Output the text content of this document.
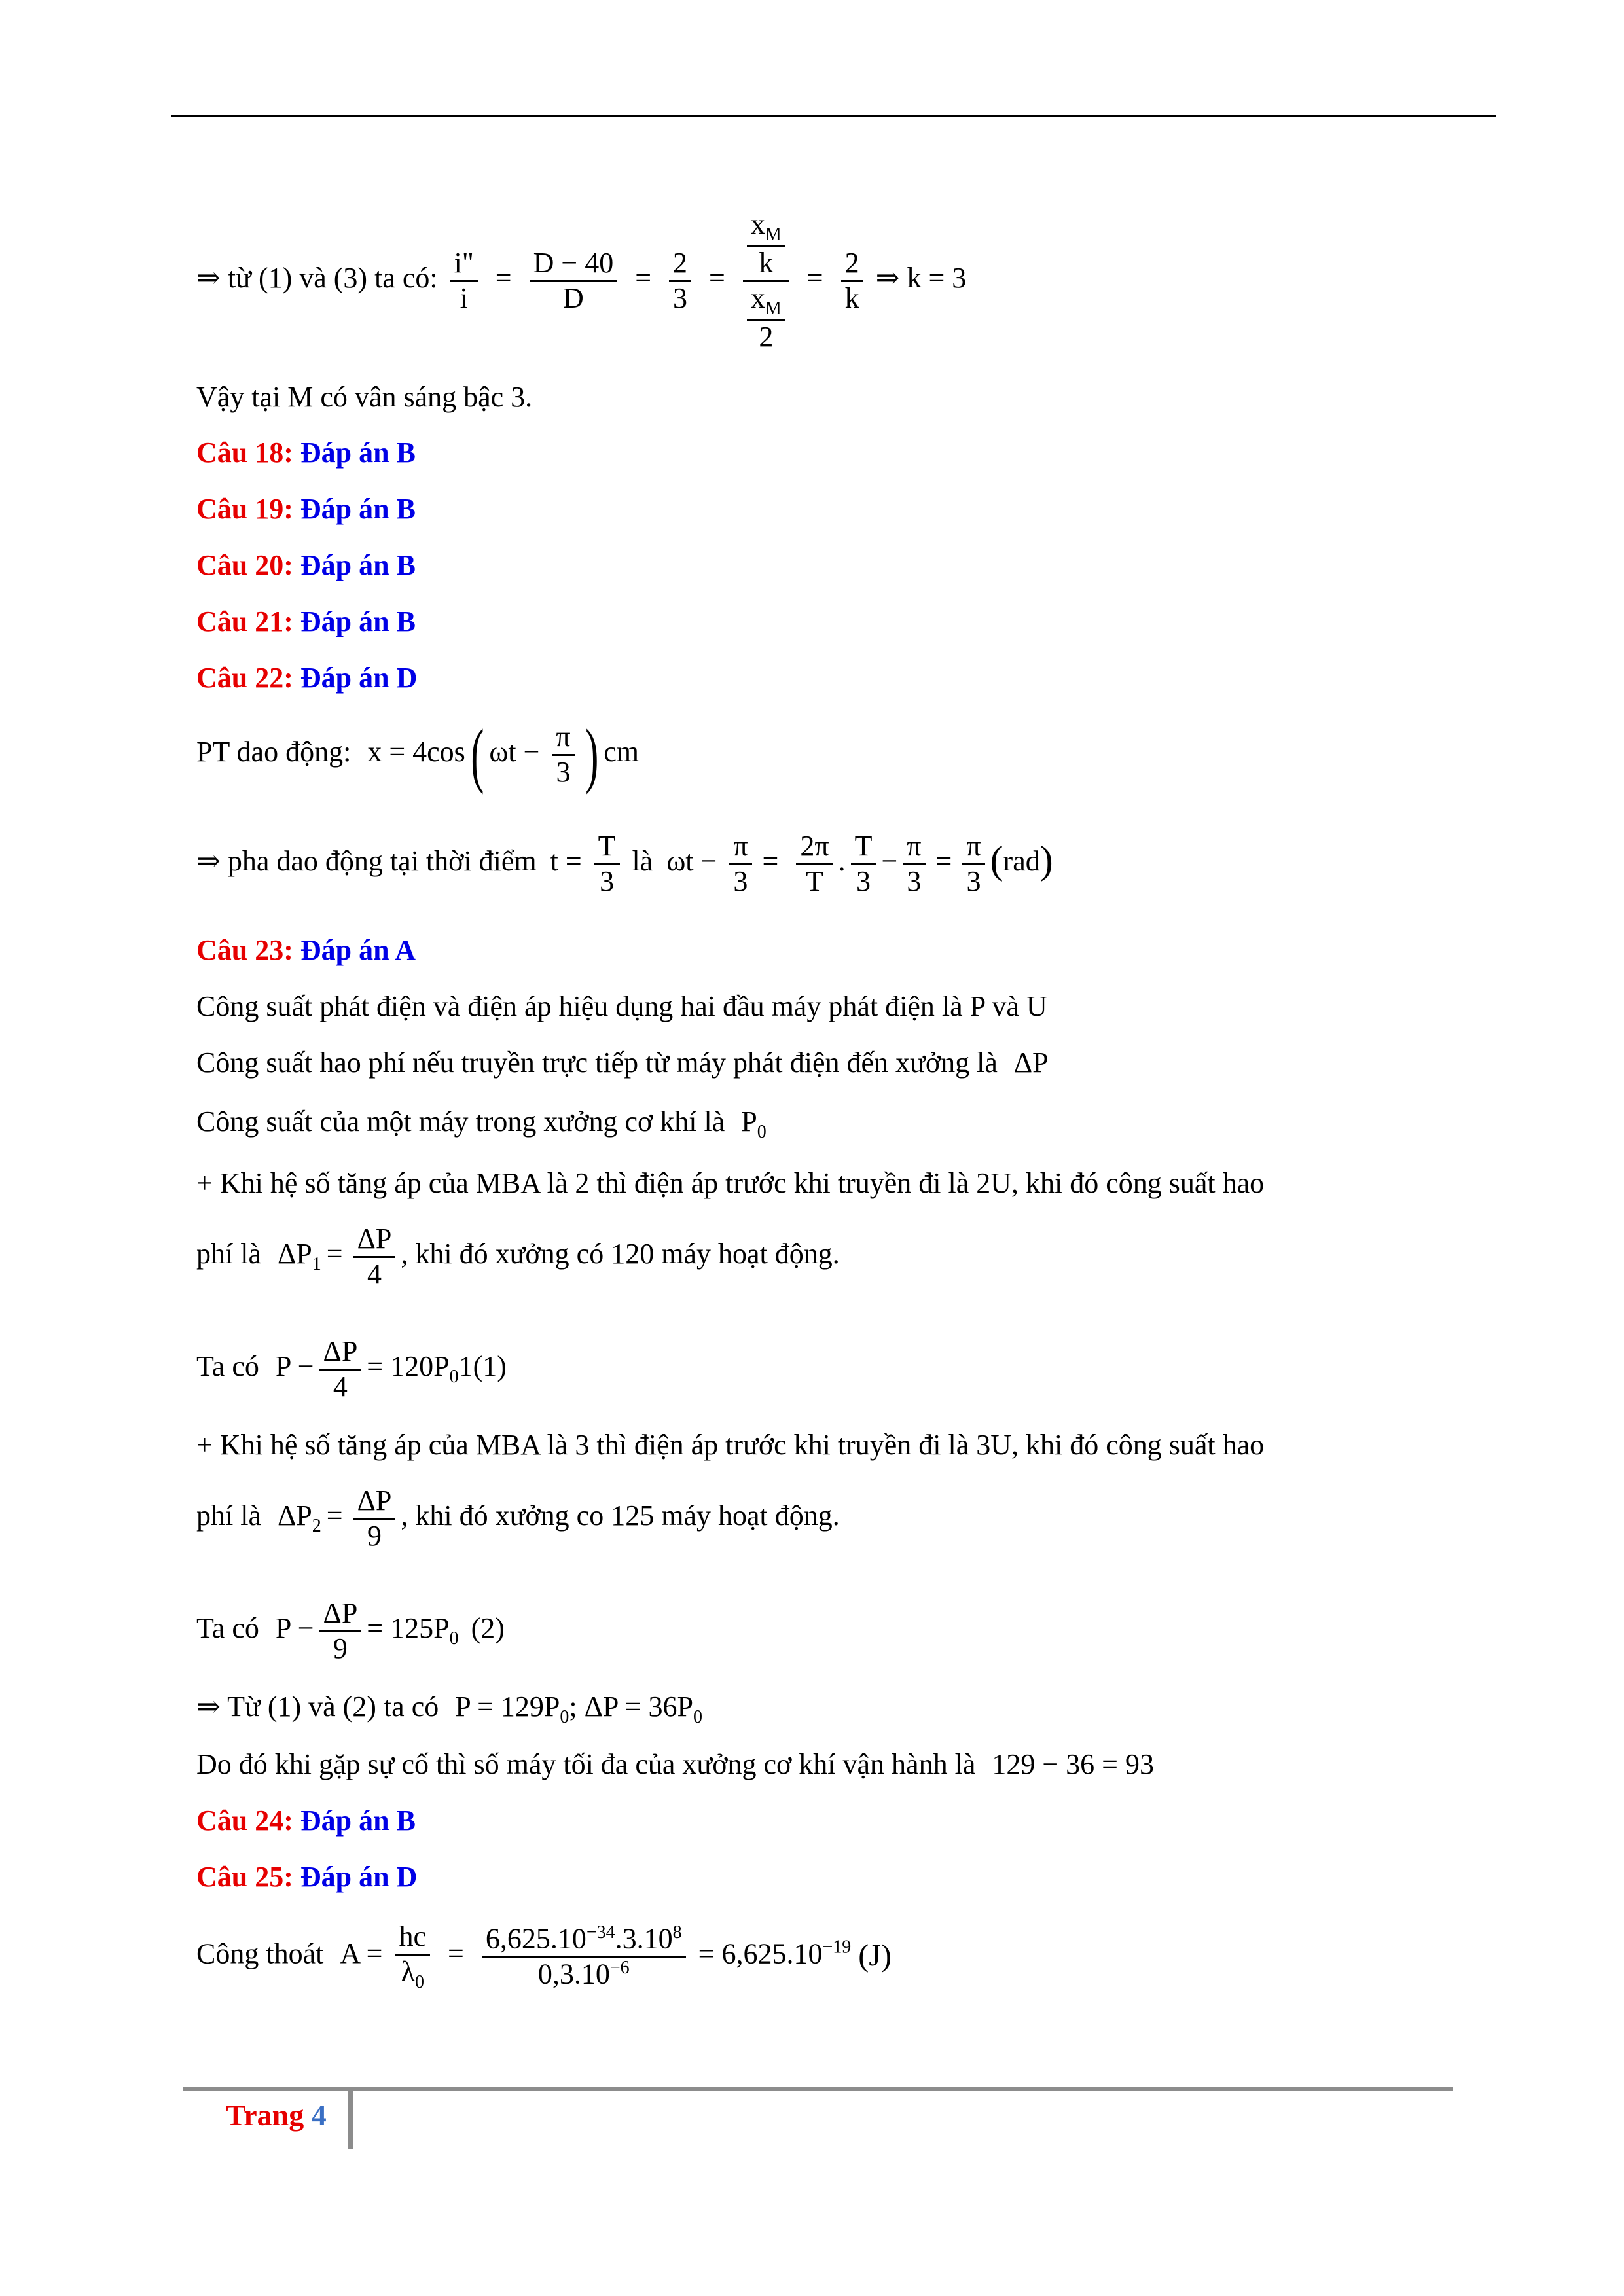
⇒ từ (1) và (3) ta có: $\frac{i"}{i} = \frac{D - 40}{D} = \frac{2}{3} = \frac{\frac{x_M}{k}}{\frac{x_M}{2}} = \frac{2}{k}$ ⇒ k = 3
Vậy tại M có vân sáng bậc 3.
Câu 18: Đáp án B
Câu 19: Đáp án B
Câu 20: Đáp án B
Câu 21: Đáp án B
Câu 22: Đáp án D
PT dao động: x = 4cos( $\omega t - \frac{\pi}{3}$ ) cm
⇒ pha dao động tại thời điểm $t = \frac{T}{3}$ là $\omega t - \frac{\pi}{3} = \frac{2\pi}{T}$ . $\frac{T}{3} - \frac{\pi}{3} = \frac{\pi}{3} (rad)$
Câu 23: Đáp án A
Công suất phát điện và điện áp hiệu dụng hai đầu máy phát điện là P và U
Công suất hao phí nếu truyền trực tiếp từ máy phát điện đến xưởng là ΔP
Công suất của một máy trong xưởng cơ khí là $P_0$
+ Khi hệ số tăng áp của MBA là 2 thì điện áp trước khi truyền đi là 2U, khi đó công suất hao
phí là $\Delta P_1 = \frac{\Delta P}{4}$ , khi đó xưởng có 120 máy hoạt động.
Ta có $P - \frac{\Delta P}{4} = 120P_01(1)$
+ Khi hệ số tăng áp của MBA là 3 thì điện áp trước khi truyền đi là 3U, khi đó công suất hao
phí là $\Delta P_2 = \frac{\Delta P}{9}$ , khi đó xưởng co 125 máy hoạt động.
Ta có $P - \frac{\Delta P}{9} = 125P_0$ (2)
⇒ Từ (1) và (2) ta có $P = 129P_0$; $\Delta P = 36P_0$
Do đó khi gặp sự cố thì số máy tối đa của xưởng cơ khí vận hành là 129 − 36 = 93
Câu 24: Đáp án B
Câu 25: Đáp án D
Công thoát $A = \frac{hc}{\lambda_0} = \frac{6,625.10^{-34}.3.10^8}{0,3.10^{-6}} = 6,625.10^{-19}$ (J)
Trang 4
